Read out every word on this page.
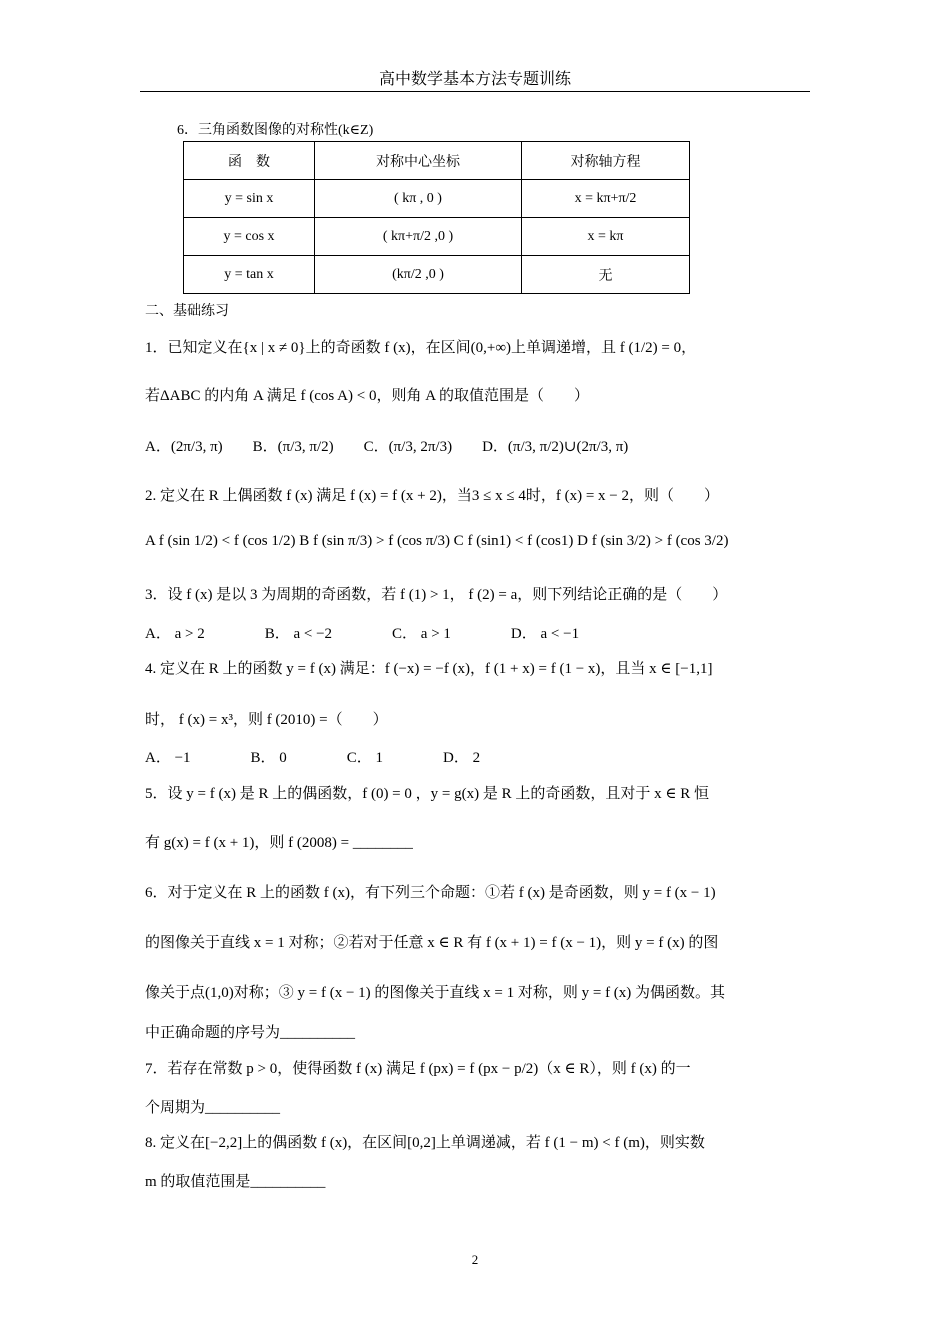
高中数学基本方法专题训练
6．三角函数图像的对称性(k∈Z)
函　数	对称中心坐标	对称轴方程
y = sin x	( kπ , 0 )	x = kπ+π/2
y = cos x	( kπ+π/2 ,0 )	x = kπ
y = tan x	(kπ/2 ,0 )	无
二、基础练习
1．已知定义在{x | x ≠ 0}上的奇函数 f (x)，在区间(0,+∞)上单调递增，且 f (1/2) = 0，
若ΔABC 的内角 A 满足 f (cos A) < 0，则角 A 的取值范围是（　　）
A．(2π/3, π)　　B．(π/3, π/2)　　C．(π/3, 2π/3)　　D．(π/3, π/2)∪(2π/3, π)
2. 定义在 R 上偶函数 f (x) 满足 f (x) = f (x + 2)，当3 ≤ x ≤ 4时，f (x) = x − 2，则（　　）
A f (sin 1/2) < f (cos 1/2) B f (sin π/3) > f (cos π/3) C f (sin1) < f (cos1) D f (sin 3/2) > f (cos 3/2)
3．设 f (x) 是以 3 为周期的奇函数，若 f (1) > 1， f (2) = a，则下列结论正确的是（　　）
A． a > 2　　　　B． a < −2　　　　C． a > 1　　　　D． a < −1
4. 定义在 R 上的函数 y = f (x) 满足：f (−x) = −f (x)，f (1 + x) = f (1 − x)，且当 x ∈ [−1,1]
时， f (x) = x³，则 f (2010) =（　　）
A． −1　　　　B． 0　　　　C． 1　　　　D． 2
5．设 y = f (x) 是 R 上的偶函数，f (0) = 0 ，y = g(x) 是 R 上的奇函数，且对于 x ∈ R 恒
有 g(x) = f (x + 1)，则 f (2008) = ________
6．对于定义在 R 上的函数 f (x)，有下列三个命题：①若 f (x) 是奇函数，则 y = f (x − 1)
的图像关于直线 x = 1 对称；②若对于任意 x ∈ R 有 f (x + 1) = f (x − 1)，则 y = f (x) 的图
像关于点(1,0)对称；③ y = f (x − 1) 的图像关于直线 x = 1 对称，则 y = f (x) 为偶函数。其
中正确命题的序号为__________
7．若存在常数 p > 0，使得函数 f (x) 满足 f (px) = f (px − p/2)（x ∈ R），则 f (x) 的一
个周期为__________
8. 定义在[−2,2]上的偶函数 f (x)，在区间[0,2]上单调递减，若 f (1 − m) < f (m)，则实数
m 的取值范围是__________
2
